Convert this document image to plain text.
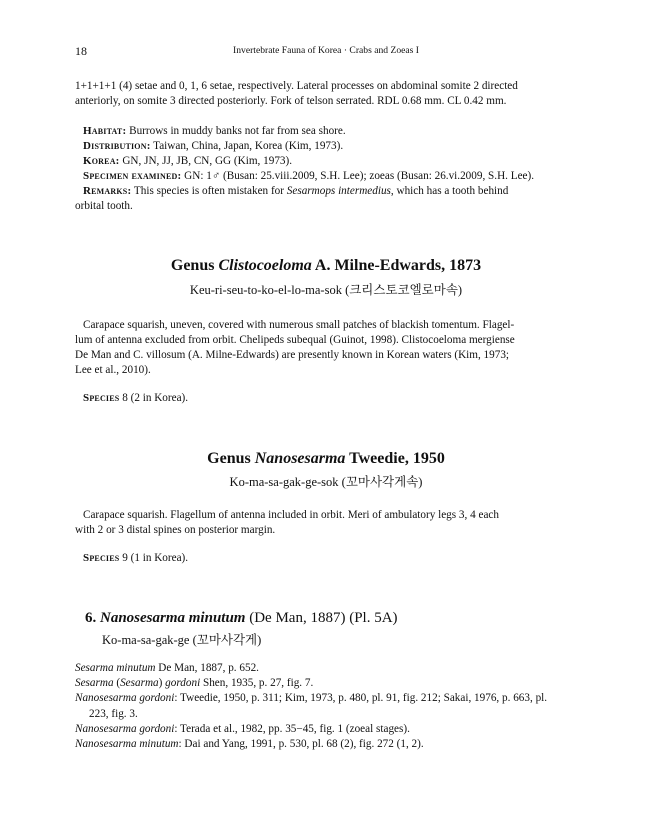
18	Invertebrate Fauna of Korea · Crabs and Zoeas I
1+1+1+1 (4) setae and 0, 1, 6 setae, respectively. Lateral processes on abdominal somite 2 directed
anteriorly, on somite 3 directed posteriorly. Fork of telson serrated. RDL 0.68 mm. CL 0.42 mm.
Habitat: Burrows in muddy banks not far from sea shore.
Distribution: Taiwan, China, Japan, Korea (Kim, 1973).
Korea: GN, JN, JJ, JB, CN, GG (Kim, 1973).
Specimen examined: GN: 1♂ (Busan: 25.viii.2009, S.H. Lee); zoeas (Busan: 26.vi.2009, S.H. Lee).
Remarks: This species is often mistaken for Sesarmops intermedius, which has a tooth behind
orbital tooth.
Genus Clistocoeloma A. Milne-Edwards, 1873
Keu-ri-seu-to-ko-el-lo-ma-sok (크리스토코엘로마속)
Carapace squarish, uneven, covered with numerous small patches of blackish tomentum. Flagel-
lum of antenna excluded from orbit. Chelipeds subequal (Guinot, 1998). Clistocoeloma mergiense
De Man and C. villosum (A. Milne-Edwards) are presently known in Korean waters (Kim, 1973;
Lee et al., 2010).
Species 8 (2 in Korea).
Genus Nanosesarma Tweedie, 1950
Ko-ma-sa-gak-ge-sok (꼬마사각게속)
Carapace squarish. Flagellum of antenna included in orbit. Meri of ambulatory legs 3, 4 each
with 2 or 3 distal spines on posterior margin.
Species 9 (1 in Korea).
6. Nanosesarma minutum (De Man, 1887) (Pl. 5A)
Ko-ma-sa-gak-ge (꼬마사각게)
Sesarma minutum De Man, 1887, p. 652.
Sesarma (Sesarma) gordoni Shen, 1935, p. 27, fig. 7.
Nanosesarma gordoni: Tweedie, 1950, p. 311; Kim, 1973, p. 480, pl. 91, fig. 212; Sakai, 1976, p. 663, pl.
223, fig. 3.
Nanosesarma gordoni: Terada et al., 1982, pp. 35−45, fig. 1 (zoeal stages).
Nanosesarma minutum: Dai and Yang, 1991, p. 530, pl. 68 (2), fig. 272 (1, 2).
